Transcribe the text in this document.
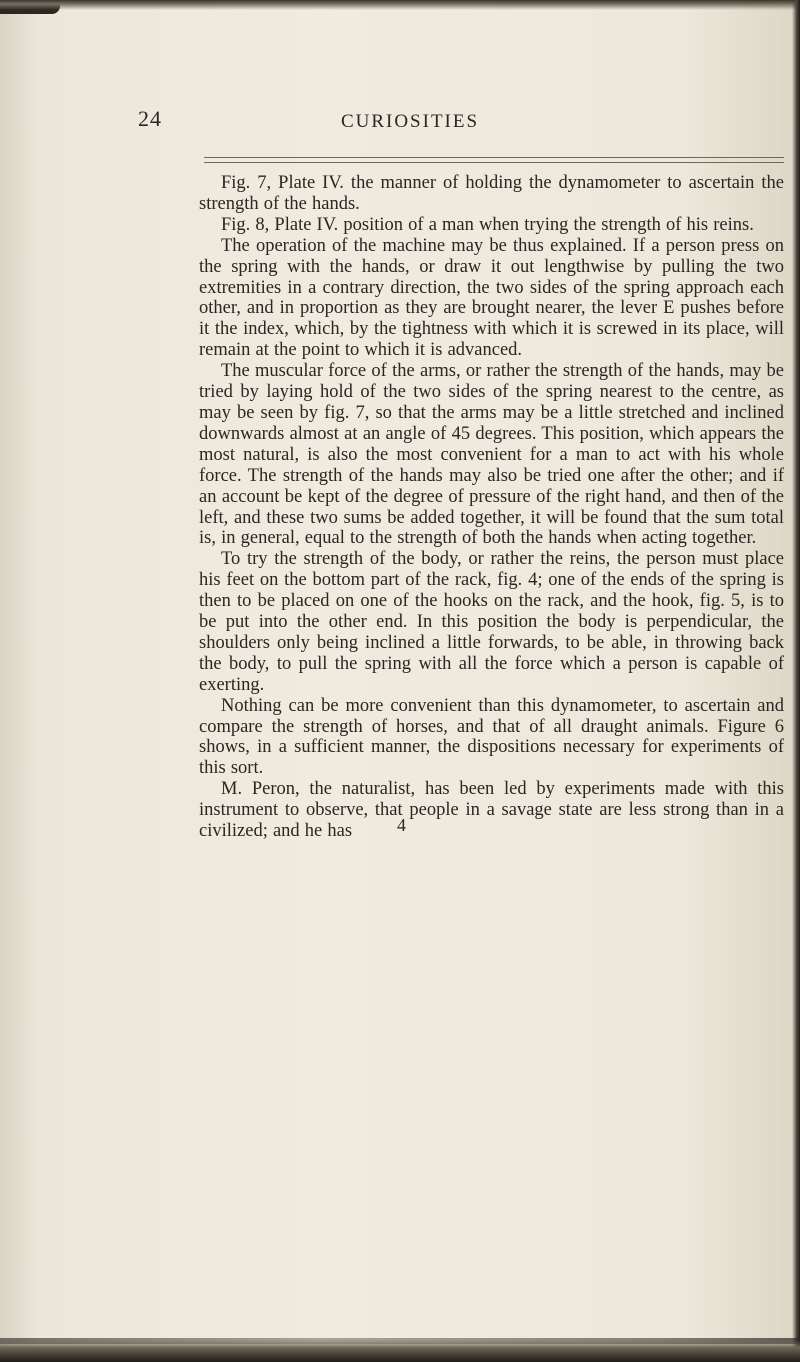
24	CURIOSITIES

Fig. 7, Plate IV. the manner of holding the dynamometer to ascertain the strength of the hands.

Fig. 8, Plate IV. position of a man when trying the strength of his reins.

The operation of the machine may be thus explained. If a person press on the spring with the hands, or draw it out lengthwise by pulling the two extremities in a contrary direction, the two sides of the spring approach each other, and in proportion as they are brought nearer, the lever E pushes before it the index, which, by the tightness with which it is screwed in its place, will remain at the point to which it is advanced.

The muscular force of the arms, or rather the strength of the hands, may be tried by laying hold of the two sides of the spring nearest to the centre, as may be seen by fig. 7, so that the arms may be a little stretched and inclined downwards almost at an angle of 45 degrees. This position, which appears the most natural, is also the most convenient for a man to act with his whole force. The strength of the hands may also be tried one after the other; and if an account be kept of the degree of pressure of the right hand, and then of the left, and these two sums be added together, it will be found that the sum total is, in general, equal to the strength of both the hands when acting together.

To try the strength of the body, or rather the reins, the person must place his feet on the bottom part of the rack, fig. 4; one of the ends of the spring is then to be placed on one of the hooks on the rack, and the hook, fig. 5, is to be put into the other end. In this position the body is perpendicular, the shoulders only being inclined a little forwards, to be able, in throwing back the body, to pull the spring with all the force which a person is capable of exerting.

Nothing can be more convenient than this dynamometer, to ascertain and compare the strength of horses, and that of all draught animals. Figure 6 shows, in a sufficient manner, the dispositions necessary for experiments of this sort.

M. Peron, the naturalist, has been led by experiments made with this instrument to observe, that people in a savage state are less strong than in a civilized; and he has	4
